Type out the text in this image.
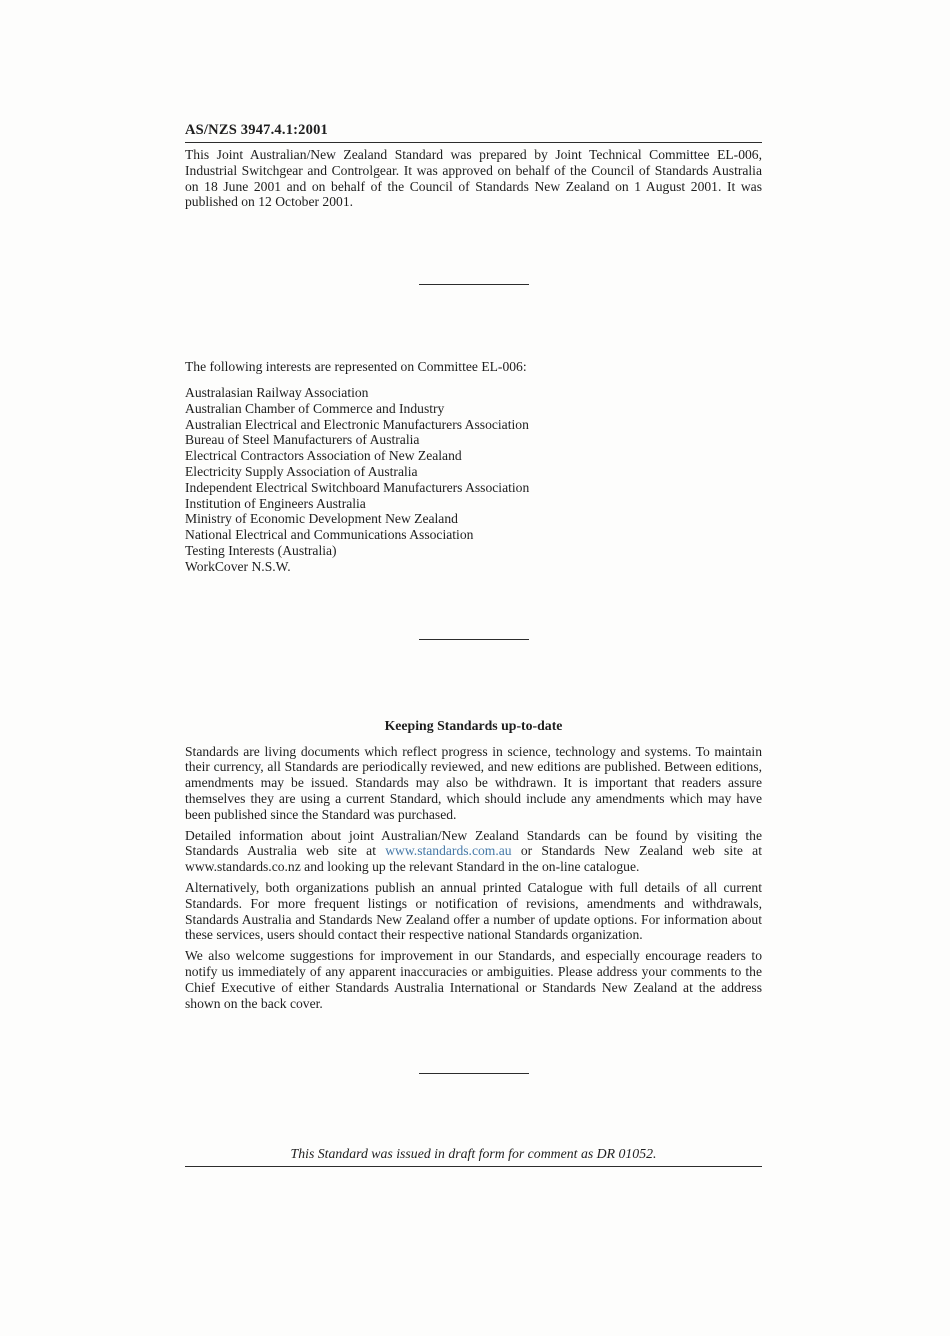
AS/NZS 3947.4.1:2001

This Joint Australian/New Zealand Standard was prepared by Joint Technical Committee EL-006, Industrial Switchgear and Controlgear. It was approved on behalf of the Council of Standards Australia on 18 June 2001 and on behalf of the Council of Standards New Zealand on 1 August 2001. It was published on 12 October 2001.

The following interests are represented on Committee EL-006:

Australasian Railway Association
Australian Chamber of Commerce and Industry
Australian Electrical and Electronic Manufacturers Association
Bureau of Steel Manufacturers of Australia
Electrical Contractors Association of New Zealand
Electricity Supply Association of Australia
Independent Electrical Switchboard Manufacturers Association
Institution of Engineers Australia
Ministry of Economic Development New Zealand
National Electrical and Communications Association
Testing Interests (Australia)
WorkCover N.S.W.
Keeping Standards up-to-date

Standards are living documents which reflect progress in science, technology and systems. To maintain their currency, all Standards are periodically reviewed, and new editions are published. Between editions, amendments may be issued. Standards may also be withdrawn. It is important that readers assure themselves they are using a current Standard, which should include any amendments which may have been published since the Standard was purchased.

Detailed information about joint Australian/New Zealand Standards can be found by visiting the Standards Australia web site at www.standards.com.au or Standards New Zealand web site at www.standards.co.nz and looking up the relevant Standard in the on-line catalogue.

Alternatively, both organizations publish an annual printed Catalogue with full details of all current Standards. For more frequent listings or notification of revisions, amendments and withdrawals, Standards Australia and Standards New Zealand offer a number of update options. For information about these services, users should contact their respective national Standards organization.

We also welcome suggestions for improvement in our Standards, and especially encourage readers to notify us immediately of any apparent inaccuracies or ambiguities. Please address your comments to the Chief Executive of either Standards Australia International or Standards New Zealand at the address shown on the back cover.

This Standard was issued in draft form for comment as DR 01052.
